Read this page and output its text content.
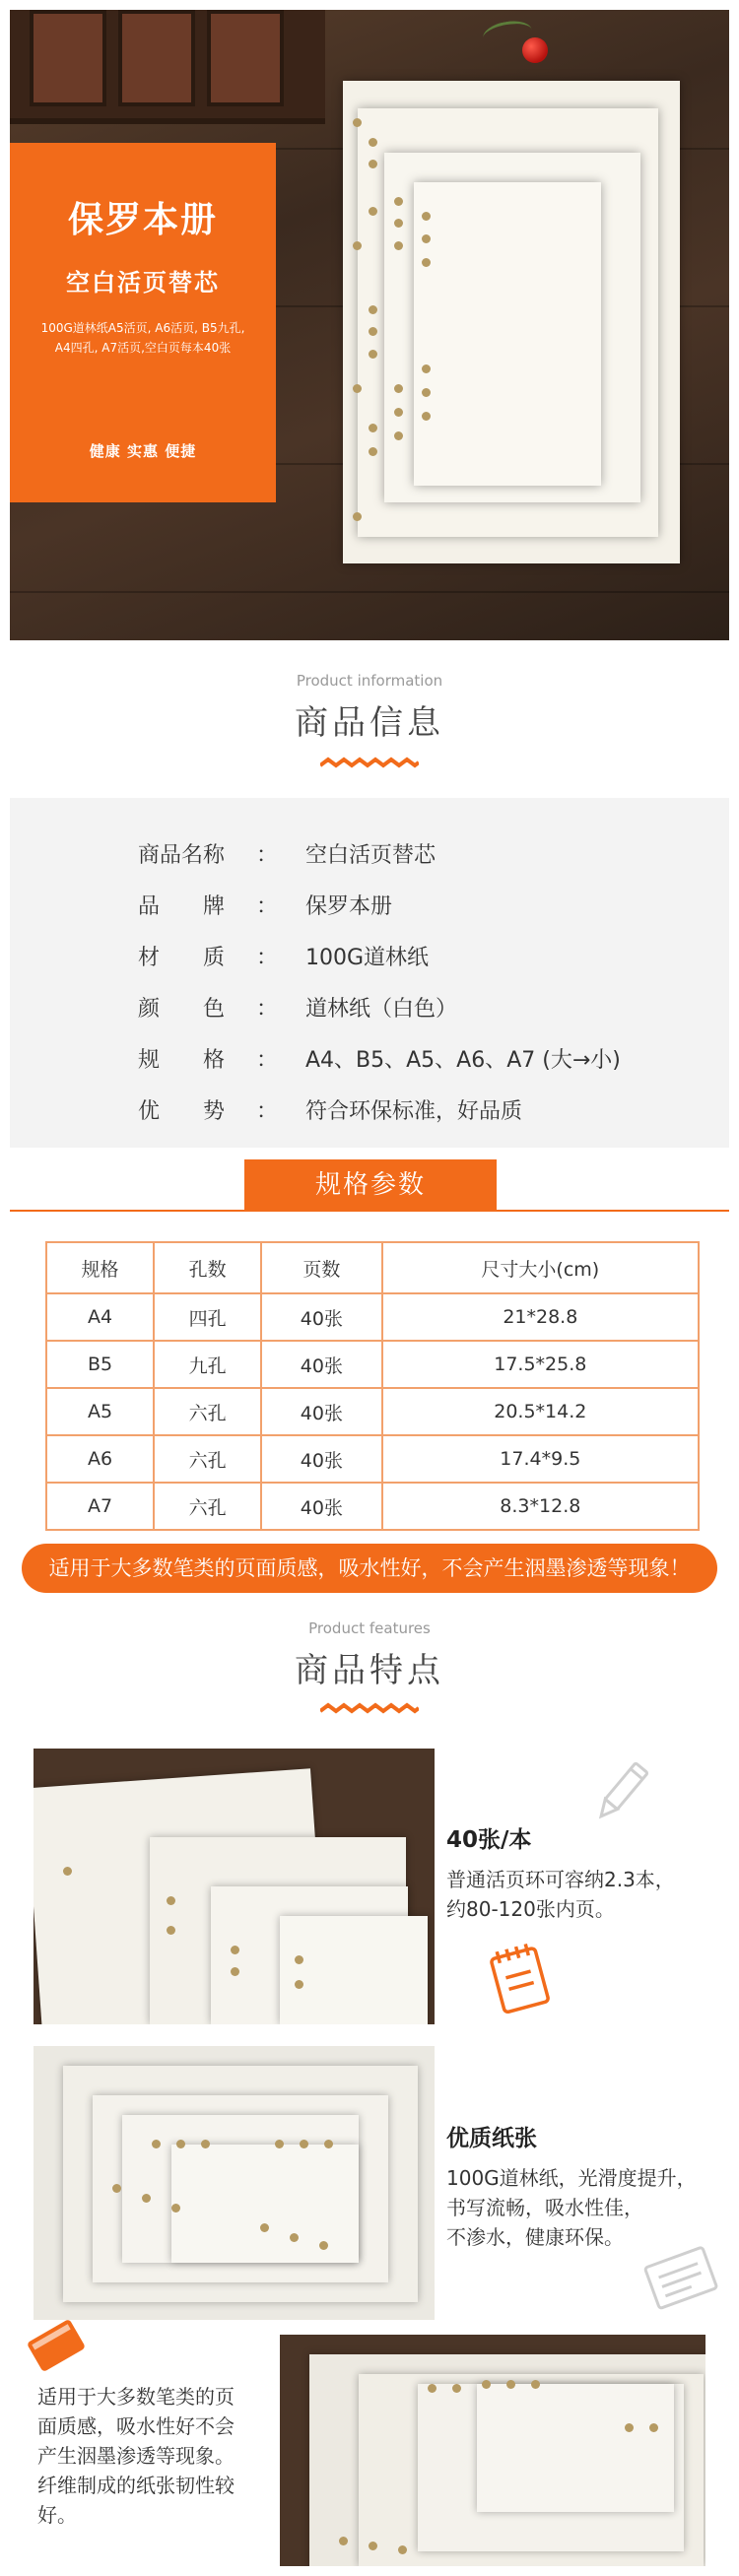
保罗本册
空白活页替芯
100G道林纸A5活页, A6活页, B5九孔,
A4四孔, A7活页,空白页每本40张
健康 实惠 便捷
Product information
商品信息
商品名称 ： 空白活页替芯
品　　牌 ： 保罗本册
材　　质 ： 100G道林纸
颜　　色 ： 道林纸（白色）
规　　格 ： A4、B5、A5、A6、A7 (大→小)
优　　势 ： 符合环保标准，好品质
规格参数
规格	孔数	页数	尺寸大小(cm)
A4	四孔	40张	21*28.8
B5	九孔	40张	17.5*25.8
A5	六孔	40张	20.5*14.2
A6	六孔	40张	17.4*9.5
A7	六孔	40张	8.3*12.8
适用于大多数笔类的页面质感，吸水性好，不会产生洇墨渗透等现象！
Product features
商品特点
40张/本
普通活页环可容纳2.3本，
约80-120张内页。
优质纸张
100G道林纸，光滑度提升，
书写流畅，吸水性佳，
不渗水，健康环保。
适用于大多数笔类的页
面质感，吸水性好不会
产生洇墨渗透等现象。
纤维制成的纸张韧性较
好。
